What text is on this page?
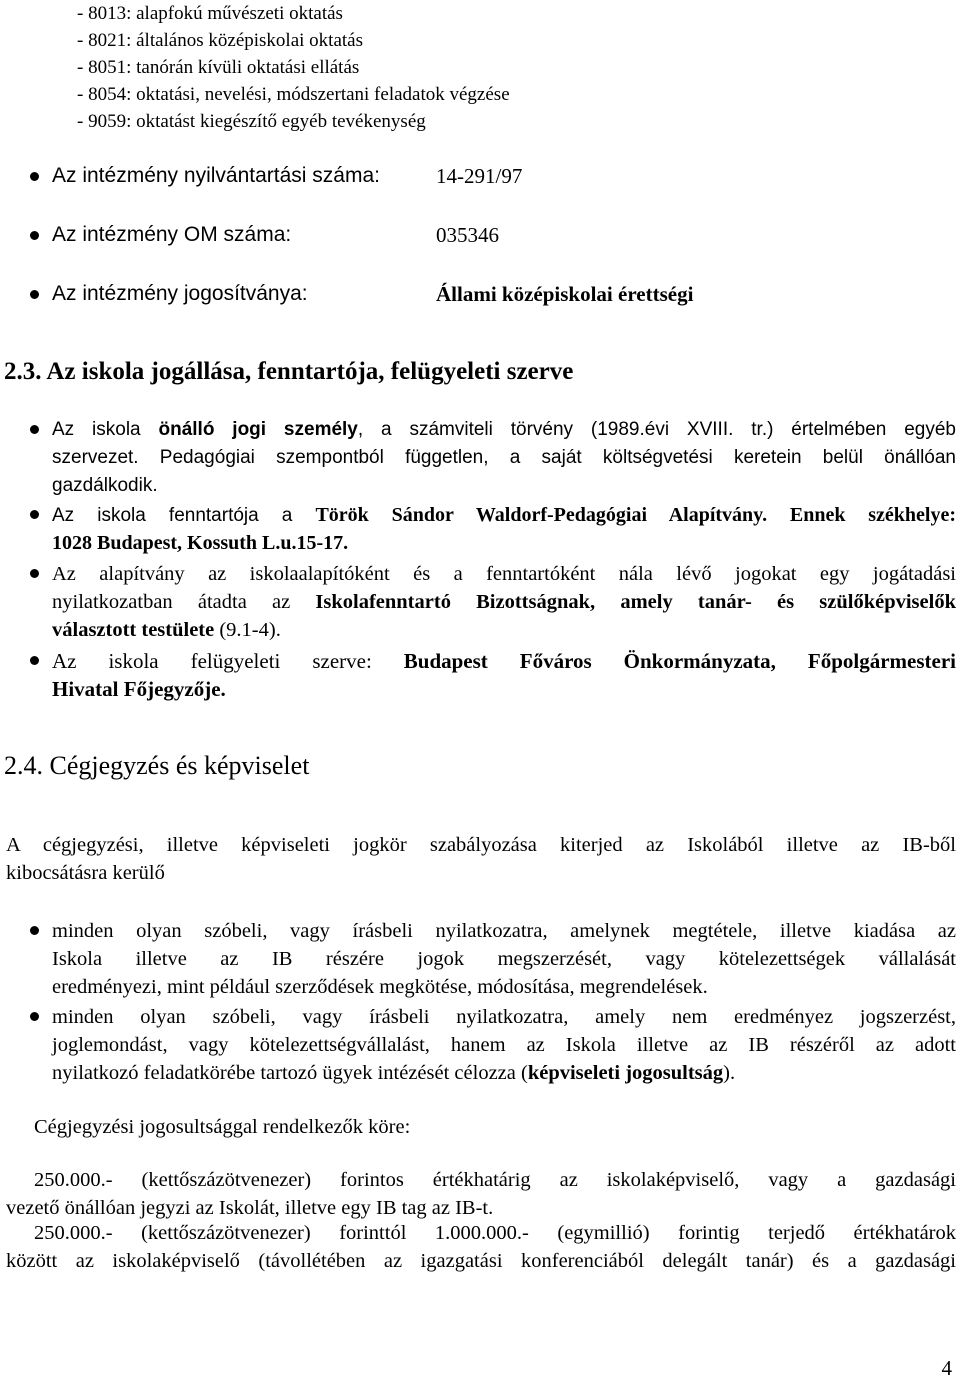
- 8013: alapfokú művészeti oktatás
- 8021: általános középiskolai oktatás
- 8051: tanórán kívüli oktatási ellátás
- 8054: oktatási, nevelési, módszertani feladatok végzése
- 9059: oktatást kiegészítő egyéb tevékenység
Az intézmény nyilvántartási száma:	14-291/97
Az intézmény OM száma:	035346
Az intézmény jogosítványa:	Állami középiskolai érettségi
2.3. Az iskola jogállása, fenntartója, felügyeleti szerve
Az iskola önálló jogi személy, a számviteli törvény (1989.évi XVIII. tr.) értelmében egyéb
szervezet. Pedagógiai szempontból független, a saját költségvetési keretein belül önállóan
gazdálkodik.
Az iskola fenntartója a Török Sándor Waldorf-Pedagógiai Alapítvány. Ennek székhelye:
1028 Budapest, Kossuth L.u.15-17.
Az alapítvány az iskolaalapítóként és a fenntartóként nála lévő jogokat egy jogátadási
nyilatkozatban átadta az Iskolafenntartó Bizottságnak, amely tanár- és szülőképviselők
választott testülete (9.1-4).
Az iskola felügyeleti szerve: Budapest Főváros Önkormányzata, Főpolgármesteri
Hivatal Főjegyzője.
2.4. Cégjegyzés és képviselet
A cégjegyzési, illetve képviseleti jogkör szabályozása kiterjed az Iskolából illetve az IB-ből
kibocsátásra kerülő
minden olyan szóbeli, vagy írásbeli nyilatkozatra, amelynek megtétele, illetve kiadása az
Iskola illetve az IB részére jogok megszerzését, vagy kötelezettségek vállalását
eredményezi, mint például szerződések megkötése, módosítása, megrendelések.
minden olyan szóbeli, vagy írásbeli nyilatkozatra, amely nem eredményez jogszerzést,
joglemondást, vagy kötelezettségvállalást, hanem az Iskola illetve az IB részéről az adott
nyilatkozó feladatkörébe tartozó ügyek intézését célozza (képviseleti jogosultság).
Cégjegyzési jogosultsággal rendelkezők köre:
250.000.- (kettőszázötvenezer) forintos értékhatárig az iskolaképviselő, vagy a gazdasági
vezető önállóan jegyzi az Iskolát, illetve egy IB tag az IB-t.
250.000.- (kettőszázötvenezer) forinttól 1.000.000.- (egymillió) forintig terjedő értékhatárok
között az iskolaképviselő (távollétében az igazgatási konferenciából delegált tanár) és a gazdasági
4
